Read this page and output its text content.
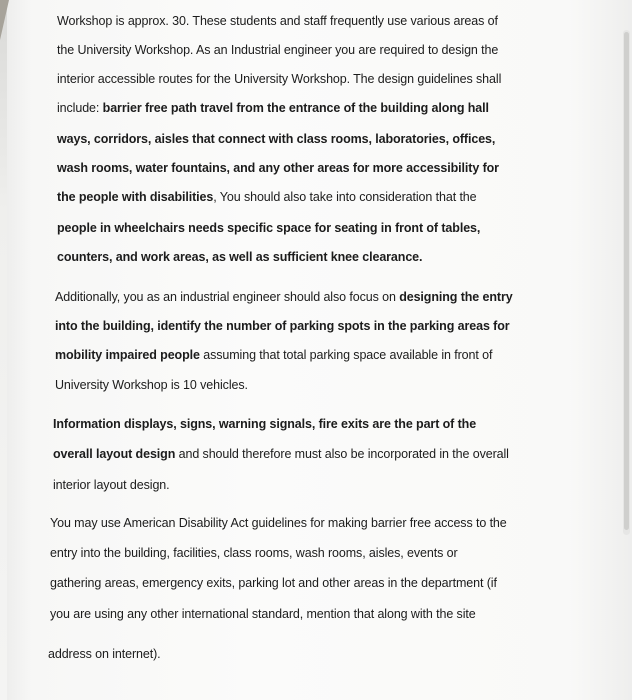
Workshop is approx. 30. These students and staff frequently use various areas of

the University Workshop. As an Industrial engineer you are required to design the

interior accessible routes for the University Workshop. The design guidelines shall

include: barrier free path travel from the entrance of the building along hall

ways, corridors, aisles that connect with class rooms, laboratories, offices,

wash rooms, water fountains, and any other areas for more accessibility for

the people with disabilities, You should also take into consideration that the

people in wheelchairs needs specific space for seating in front of tables,

counters, and work areas, as well as sufficient knee clearance.

Additionally, you as an industrial engineer should also focus on designing the entry

into the building, identify the number of parking spots in the parking areas for

mobility impaired people assuming that total parking space available in front of

University Workshop is 10 vehicles.

Information displays, signs, warning signals, fire exits are the part of the

overall layout design and should therefore must also be incorporated in the overall

interior layout design.

You may use American Disability Act guidelines for making barrier free access to the

entry into the building, facilities, class rooms, wash rooms, aisles, events or

gathering areas, emergency exits, parking lot and other areas in the department (if

you are using any other international standard, mention that along with the site

address on internet).
